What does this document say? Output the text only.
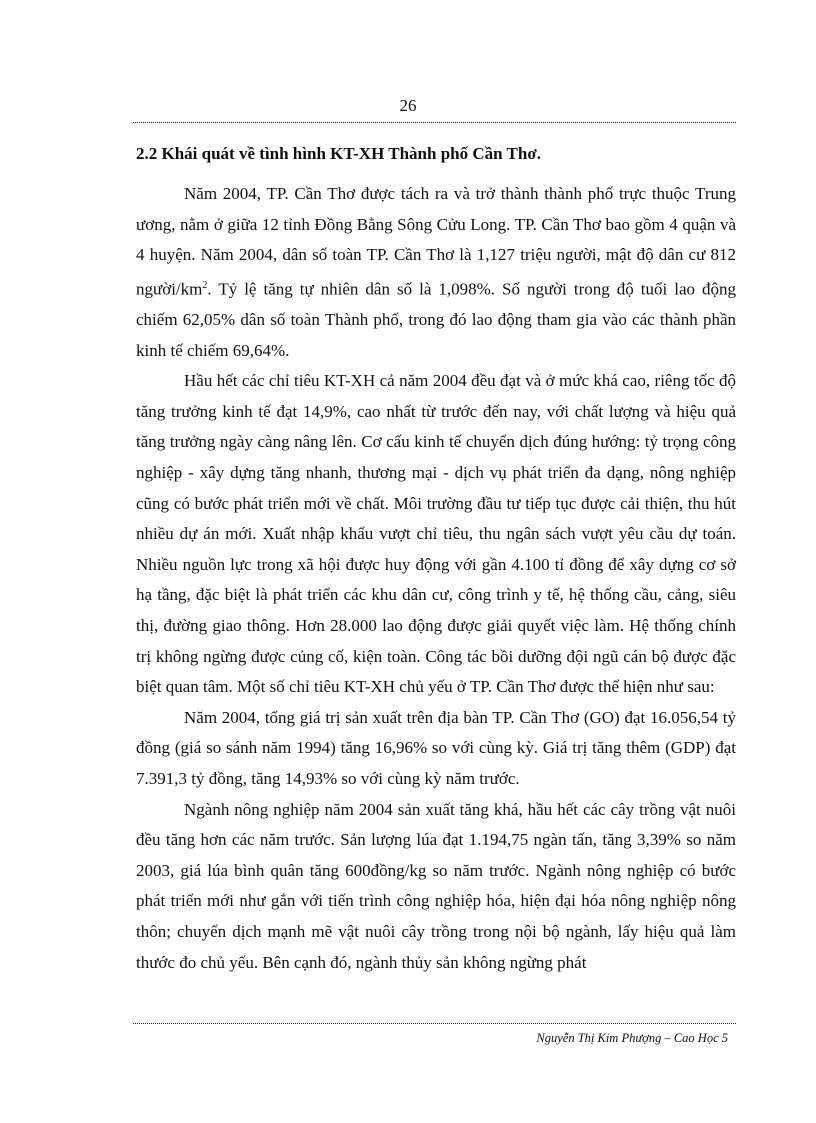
26
2.2 Khái quát về tình hình KT-XH Thành phố Cần Thơ.

Năm 2004, TP. Cần Thơ được tách ra và trở thành thành phố trực thuộc Trung ương, nằm ở giữa 12 tỉnh Đồng Bằng Sông Cửu Long. TP. Cần Thơ bao gồm 4 quận và 4 huyện. Năm 2004, dân số toàn TP. Cần Thơ là 1,127 triệu người, mật độ dân cư 812 người/$km^2$. Tỷ lệ tăng tự nhiên dân số là 1,098%. Số người trong độ tuổi lao động chiếm 62,05% dân số toàn Thành phố, trong đó lao động tham gia vào các thành phần kinh tế chiếm 69,64%.

Hầu hết các chỉ tiêu KT-XH cả năm 2004 đều đạt và ở mức khá cao, riêng tốc độ tăng trưởng kinh tế đạt 14,9%, cao nhất từ trước đến nay, với chất lượng và hiệu quả tăng trưởng ngày càng nâng lên. Cơ cấu kinh tế chuyển dịch đúng hướng: tỷ trọng công nghiệp - xây dựng tăng nhanh, thương mại - dịch vụ phát triển đa dạng, nông nghiệp cũng có bước phát triển mới về chất. Môi trường đầu tư tiếp tục được cải thiện, thu hút nhiều dự án mới. Xuất nhập khẩu vượt chỉ tiêu, thu ngân sách vượt yêu cầu dự toán. Nhiều nguồn lực trong xã hội được huy động với gần 4.100 tỉ đồng để xây dựng cơ sở hạ tầng, đặc biệt là phát triển các khu dân cư, công trình y tế, hệ thống cầu, cảng, siêu thị, đường giao thông. Hơn 28.000 lao động được giải quyết việc làm. Hệ thống chính trị không ngừng được củng cố, kiện toàn. Công tác bồi dưỡng đội ngũ cán bộ được đặc biệt quan tâm. Một số chỉ tiêu KT-XH chủ yếu ở TP. Cần Thơ được thể hiện như sau:

Năm 2004, tổng giá trị sản xuất trên địa bàn TP. Cần Thơ (GO) đạt 16.056,54 tỷ đồng (giá so sánh năm 1994) tăng 16,96% so với cùng kỳ. Giá trị tăng thêm (GDP) đạt 7.391,3 tỷ đồng, tăng 14,93% so với cùng kỳ năm trước.

Ngành nông nghiệp năm 2004 sản xuất tăng khá, hầu hết các cây trồng vật nuôi đều tăng hơn các năm trước. Sản lượng lúa đạt 1.194,75 ngàn tấn, tăng 3,39% so năm 2003, giá lúa bình quân tăng 600đồng/kg so năm trước. Ngành nông nghiệp có bước phát triển mới như gắn với tiến trình công nghiệp hóa, hiện đại hóa nông nghiệp nông thôn; chuyển dịch mạnh mẽ vật nuôi cây trồng trong nội bộ ngành, lấy hiệu quả làm thước đo chủ yếu. Bên cạnh đó, ngành thủy sản không ngừng phát

Nguyễn Thị Kim Phượng – Cao Học 5
